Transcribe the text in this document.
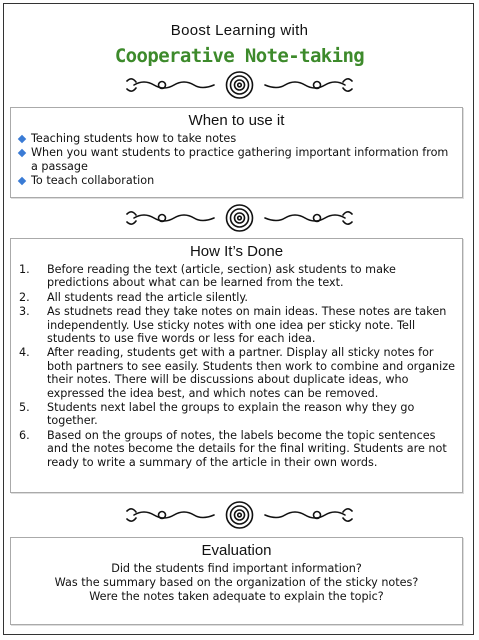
Boost Learning with
Cooperative Note-taking
When to use it
Teaching students how to take notes
When you want students to practice gathering important information from a passage
To teach collaboration
How It’s Done
1. Before reading the text (article, section) ask students to make predictions about what can be learned from the text.
2. All students read the article silently.
3. As studnets read they take notes on main ideas. These notes are taken independently. Use sticky notes with one idea per sticky note. Tell students to use five words or less for each idea.
4. After reading, students get with a partner. Display all sticky notes for both partners to see easily. Students then work to combine and organize their notes. There will be discussions about duplicate ideas, who expressed the idea best, and which notes can be removed.
5. Students next label the groups to explain the reason why they go together.
6. Based on the groups of notes, the labels become the topic sentences and the notes become the details for the final writing. Students are not ready to write a summary of the article in their own words.
Evaluation
Did the students find important information?
Was the summary based on the organization of the sticky notes?
Were the notes taken adequate to explain the topic?
